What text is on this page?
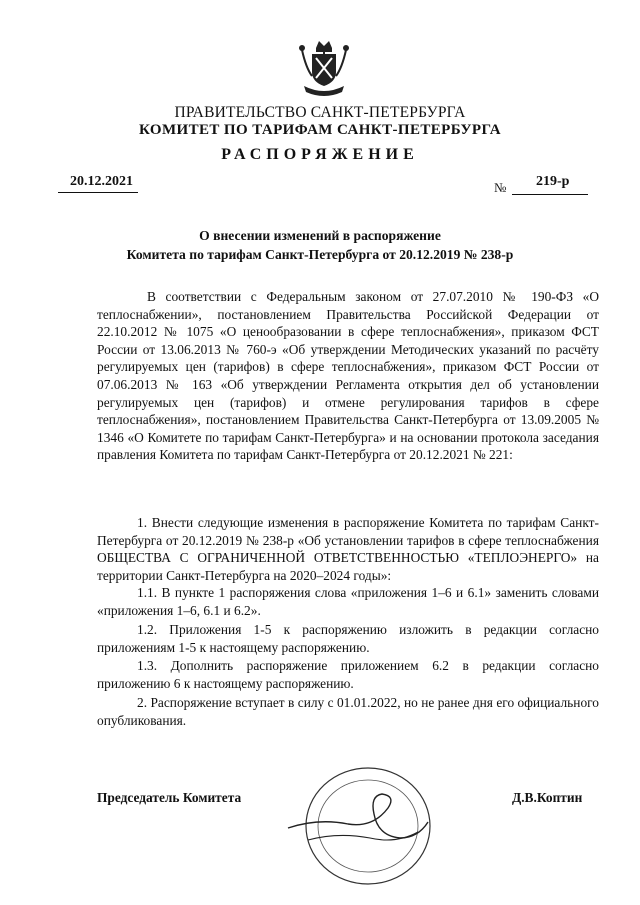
ПРАВИТЕЛЬСТВО САНКТ-ПЕТЕРБУРГА
КОМИТЕТ ПО ТАРИФАМ САНКТ-ПЕТЕРБУРГА
РАСПОРЯЖЕНИЕ
20.12.2021	№ 219-р
О внесении изменений в распоряжение
Комитета по тарифам Санкт-Петербурга от 20.12.2019 № 238-р
В соответствии с Федеральным законом от 27.07.2010 № 190-ФЗ «О теплоснабжении», постановлением Правительства Российской Федерации от 22.10.2012 № 1075 «О ценообразовании в сфере теплоснабжения», приказом ФСТ России от 13.06.2013 № 760-э «Об утверждении Методических указаний по расчёту регулируемых цен (тарифов) в сфере теплоснабжения», приказом ФСТ России от 07.06.2013 № 163 «Об утверждении Регламента открытия дел об установлении регулируемых цен (тарифов) и отмене регулирования тарифов в сфере теплоснабжения», постановлением Правительства Санкт-Петербурга от 13.09.2005 № 1346 «О Комитете по тарифам Санкт-Петербурга» и на основании протокола заседания правления Комитета по тарифам Санкт-Петербурга от 20.12.2021 № 221:
1. Внести следующие изменения в распоряжение Комитета по тарифам Санкт-Петербурга от 20.12.2019 № 238-р «Об установлении тарифов в сфере теплоснабжения ОБЩЕСТВА С ОГРАНИЧЕННОЙ ОТВЕТСТВЕННОСТЬЮ «ТЕПЛОЭНЕРГО» на территории Санкт-Петербурга на 2020–2024 годы»:
1.1. В пункте 1 распоряжения слова «приложения 1–6 и 6.1» заменить словами «приложения 1–6, 6.1 и 6.2».
1.2. Приложения 1-5 к распоряжению изложить в редакции согласно приложениям 1-5 к настоящему распоряжению.
1.3. Дополнить распоряжение приложением 6.2 в редакции согласно приложению 6 к настоящему распоряжению.
2. Распоряжение вступает в силу с 01.01.2022, но не ранее дня его официального опубликования.
Председатель Комитета	Д.В.Коптин
